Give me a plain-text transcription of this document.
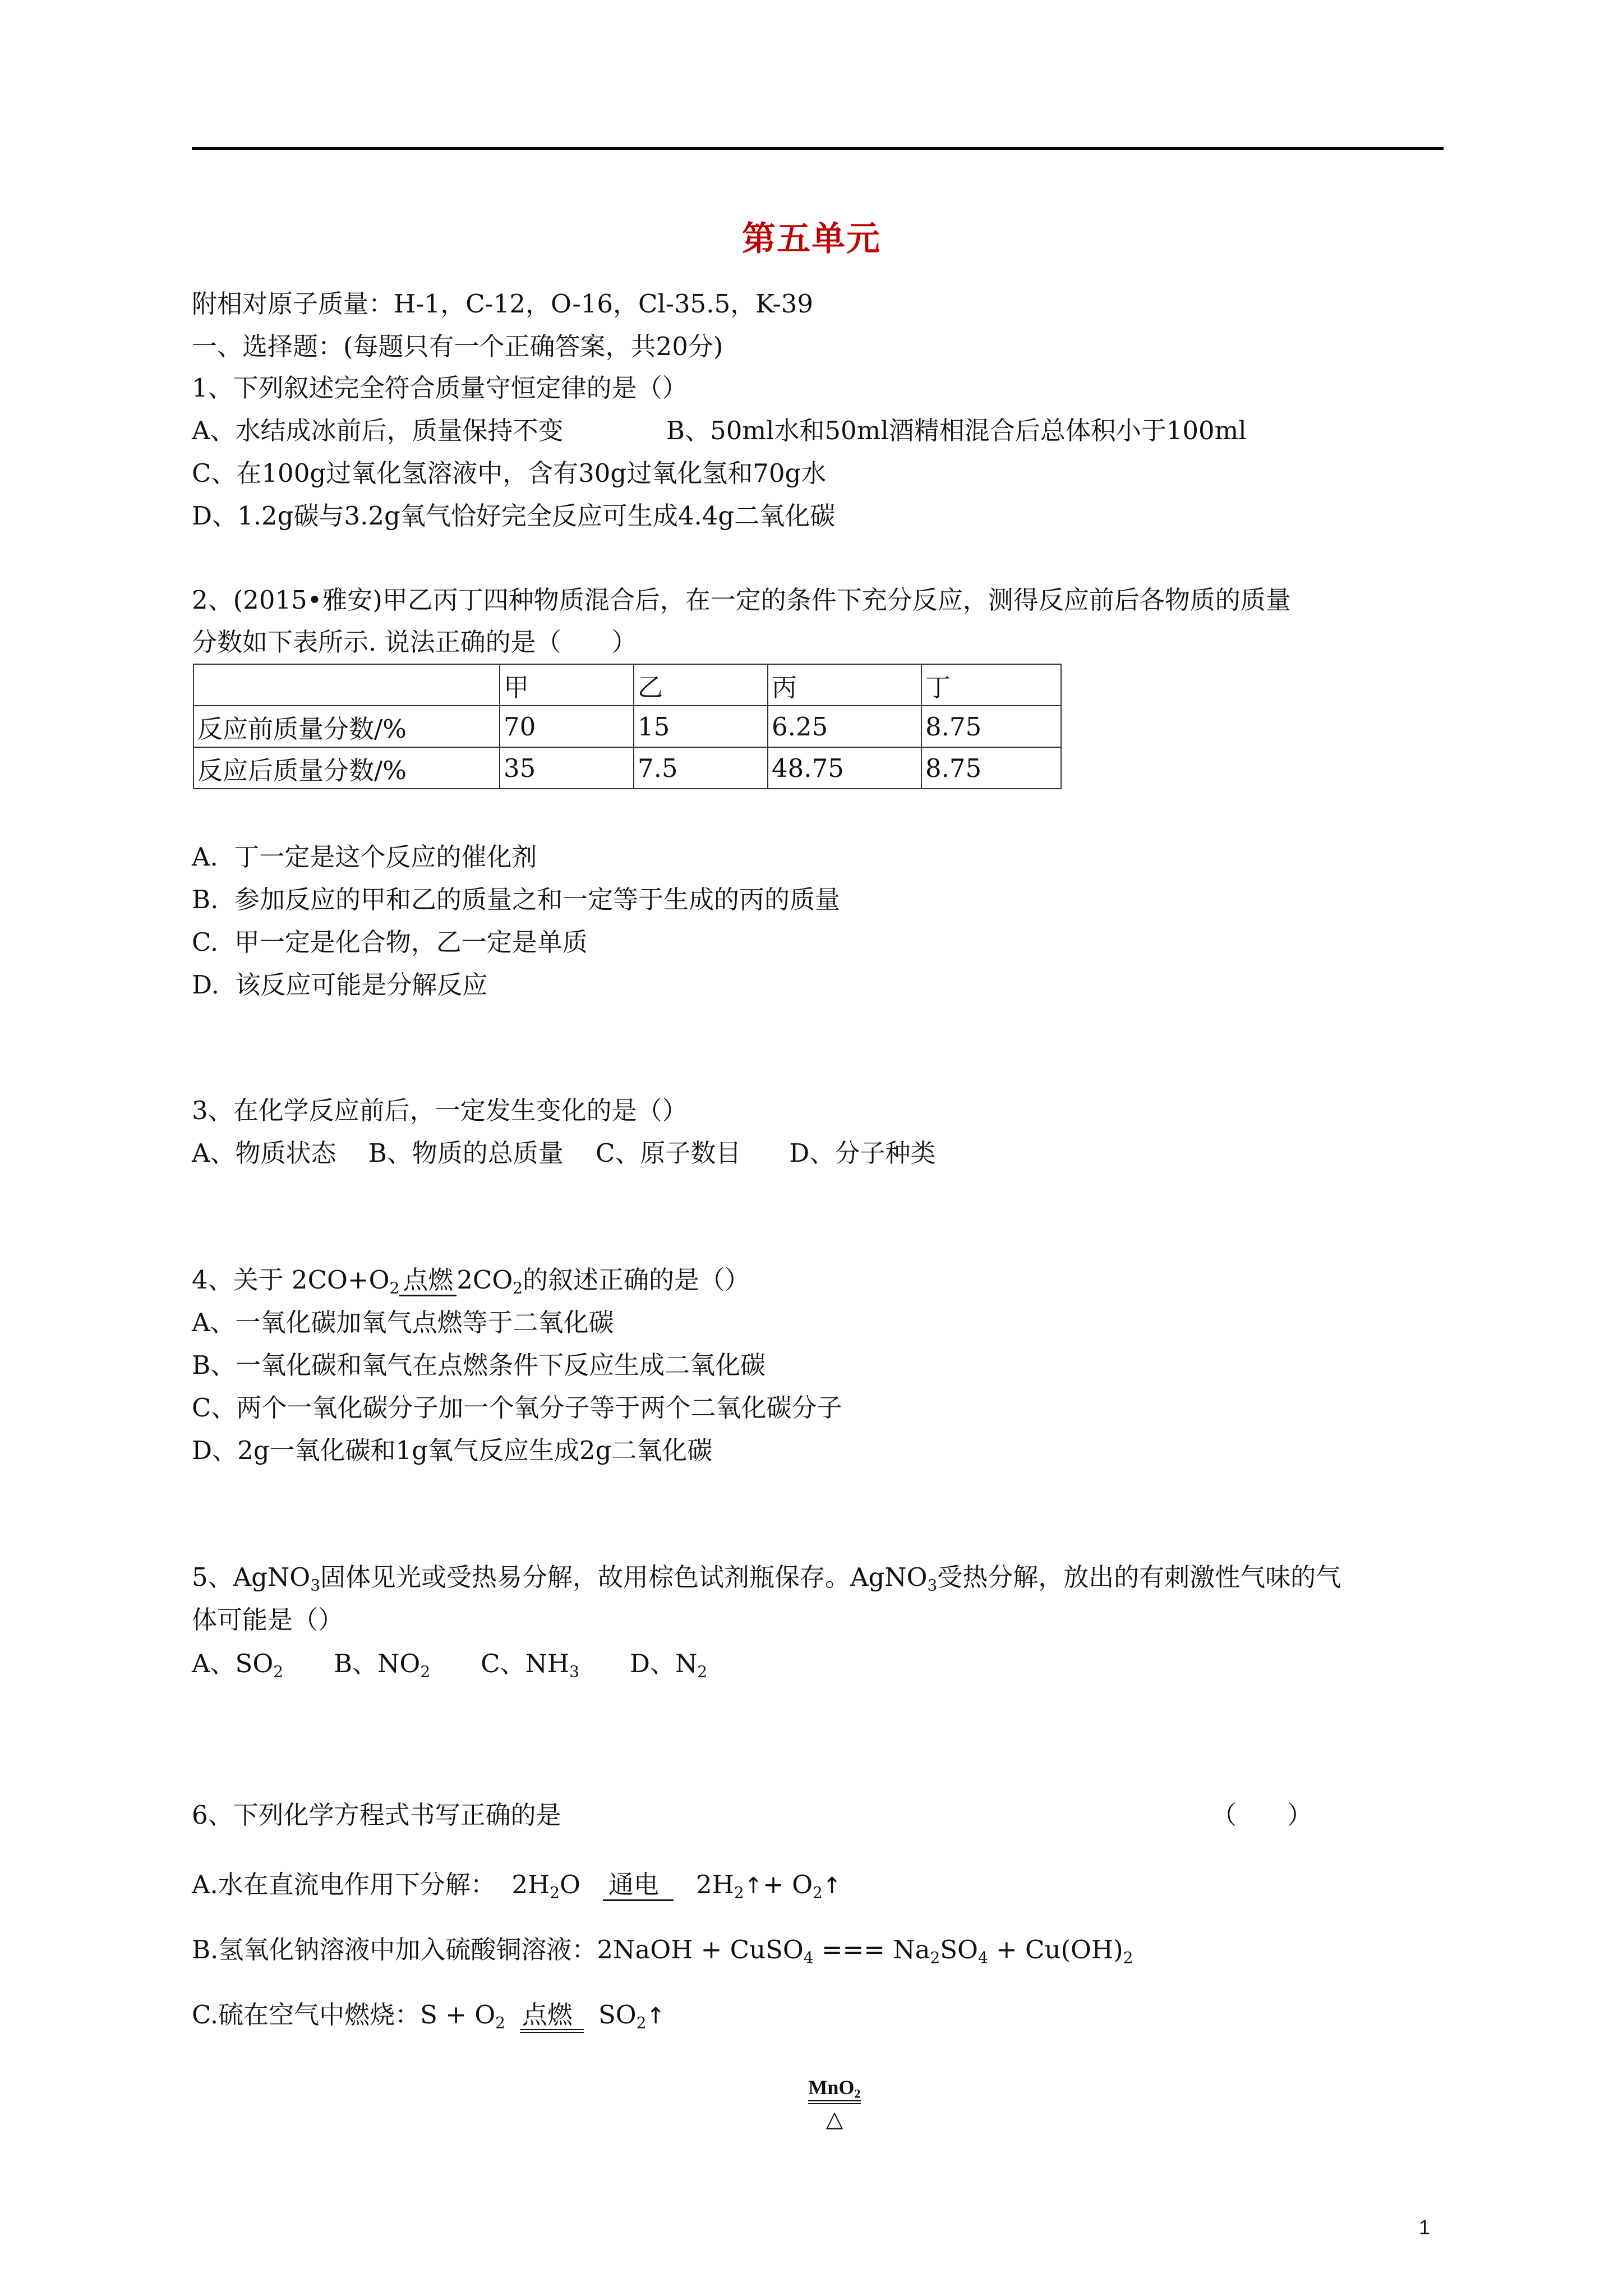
第五单元
附相对原子质量：H-1，C-12，O-16，Cl-35.5，K-39
一、选择题：(每题只有一个正确答案，共20分)
1、下列叙述完全符合质量守恒定律的是（）
A、水结成冰前后，质量保持不变	B、50ml水和50ml酒精相混合后总体积小于100ml
C、在100g过氧化氢溶液中，含有30g过氧化氢和70g水
D、1.2g碳与3.2g氧气恰好完全反应可生成4.4g二氧化碳
2、(2015•雅安)甲乙丙丁四种物质混合后，在一定的条件下充分反应，测得反应前后各物质的质量
分数如下表所示. 说法正确的是（　　）
	甲	乙	丙	丁
反应前质量分数/%	70	15	6.25	8.75
反应后质量分数/%	35	7.5	48.75	8.75
A.  丁一定是这个反应的催化剂
B.  参加反应的甲和乙的质量之和一定等于生成的丙的质量
C.  甲一定是化合物，乙一定是单质
D.  该反应可能是分解反应
3、在化学反应前后，一定发生变化的是（）
A、物质状态    B、物质的总质量    C、原子数目      D、分子种类
4、关于 $2CO+O_2$ 点燃 $2CO_2$的叙述正确的是（）
A、一氧化碳加氧气点燃等于二氧化碳
B、一氧化碳和氧气在点燃条件下反应生成二氧化碳
C、两个一氧化碳分子加一个氧分子等于两个二氧化碳分子
D、2g一氧化碳和1g氧气反应生成2g二氧化碳
5、AgNO$_3$固体见光或受热易分解，故用棕色试剂瓶保存。AgNO$_3$受热分解，放出的有刺激性气味的气
体可能是（）
A、$SO_2$ B、$NO_2$ C、$NH_3$ D、$N_2$
6、下列化学方程式书写正确的是	（　　）
A.水在直流电作用下分解：  $2H_2O$ 通电 $2H_2↑+$ $O_2↑$
B.氢氧化钠溶液中加入硫酸铜溶液：2NaOH + CuSO$_4$ === $Na_2SO_4 + Cu(OH)_2$
C.硫在空气中燃烧：$S + O_2$ 点燃 $SO_2↑$
MnO$_2$
△
1
